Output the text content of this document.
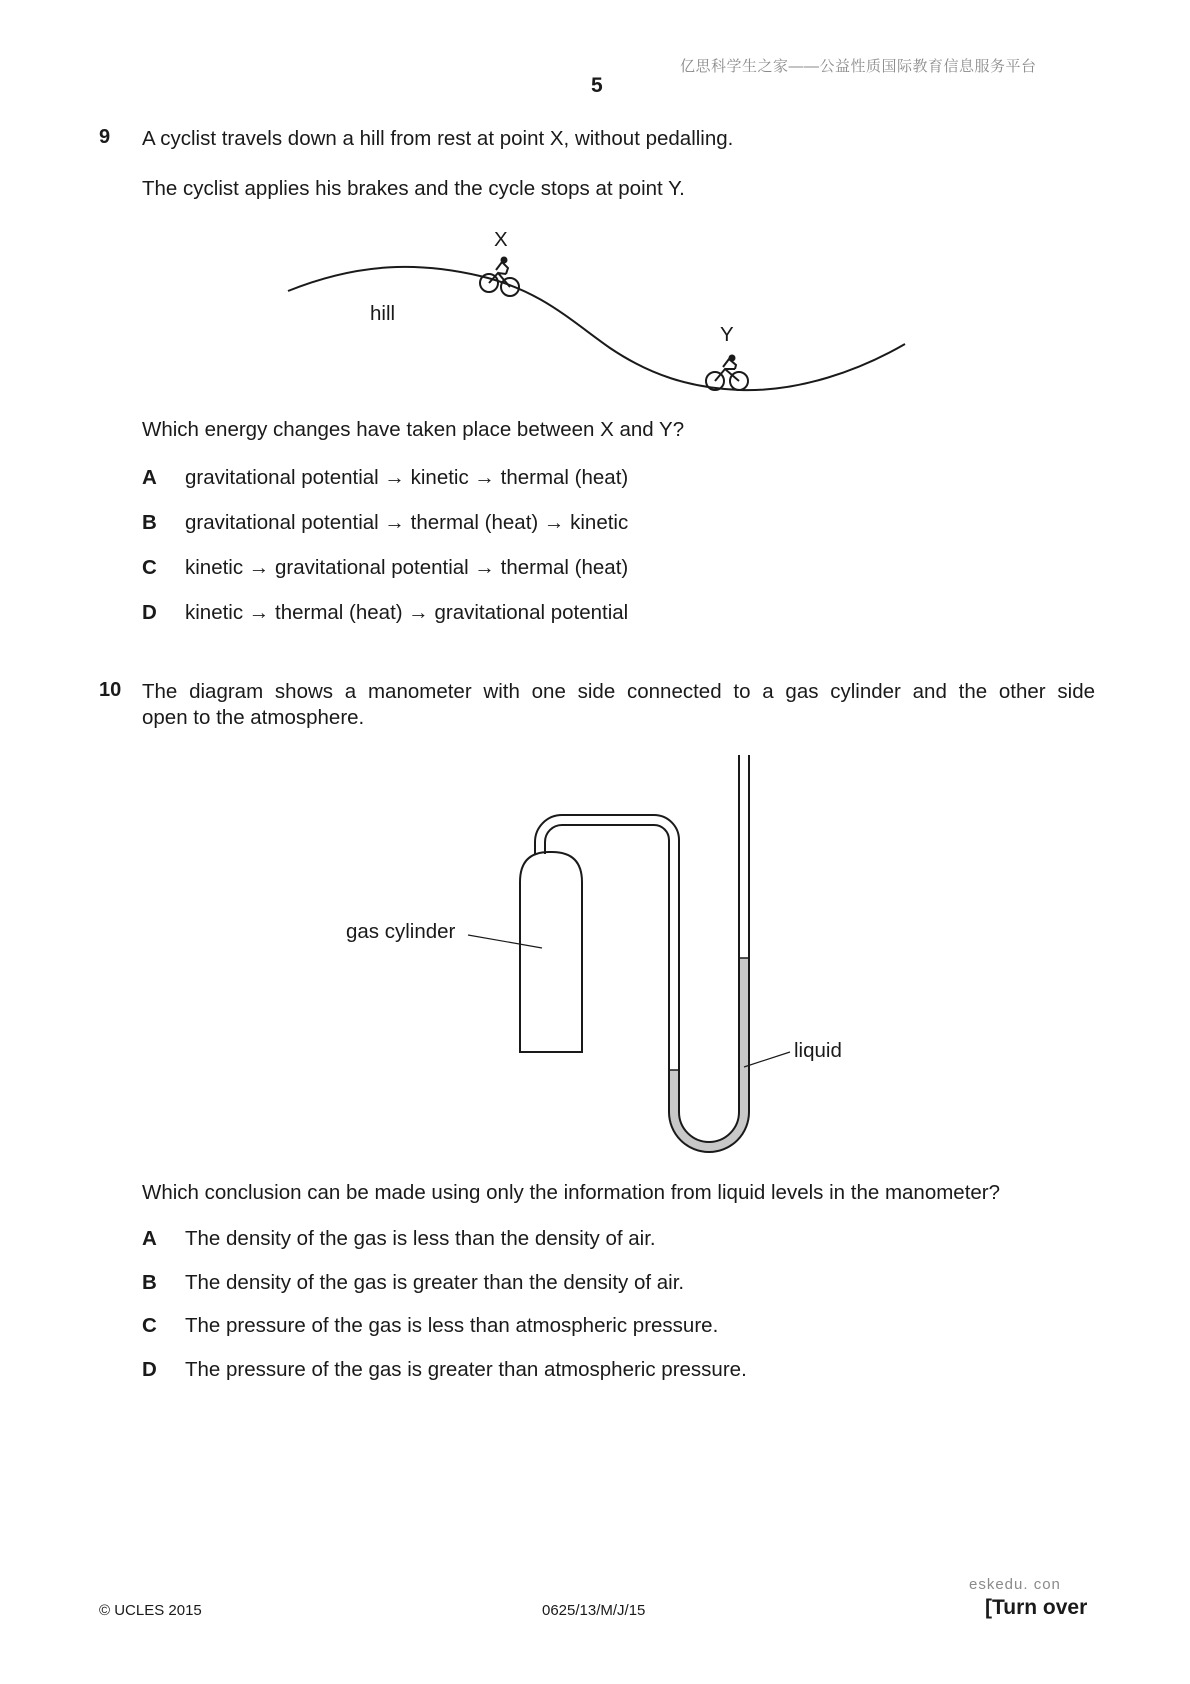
亿思科学生之家——公益性质国际教育信息服务平台
5
9 A cyclist travels down a hill from rest at point X, without pedalling.
The cyclist applies his brakes and the cycle stops at point Y.
X
Y
hill
Which energy changes have taken place between X and Y?
A gravitational potential → kinetic → thermal (heat)
B gravitational potential → thermal (heat) → kinetic
C kinetic → gravitational potential → thermal (heat)
D kinetic → thermal (heat) → gravitational potential
10 The diagram shows a manometer with one side connected to a gas cylinder and the other side
open to the atmosphere.
gas cylinder
liquid
Which conclusion can be made using only the information from liquid levels in the manometer?
A The density of the gas is less than the density of air.
B The density of the gas is greater than the density of air.
C The pressure of the gas is less than atmospheric pressure.
D The pressure of the gas is greater than atmospheric pressure.
eskedu. con
© UCLES 2015	0625/13/M/J/15	[Turn over
